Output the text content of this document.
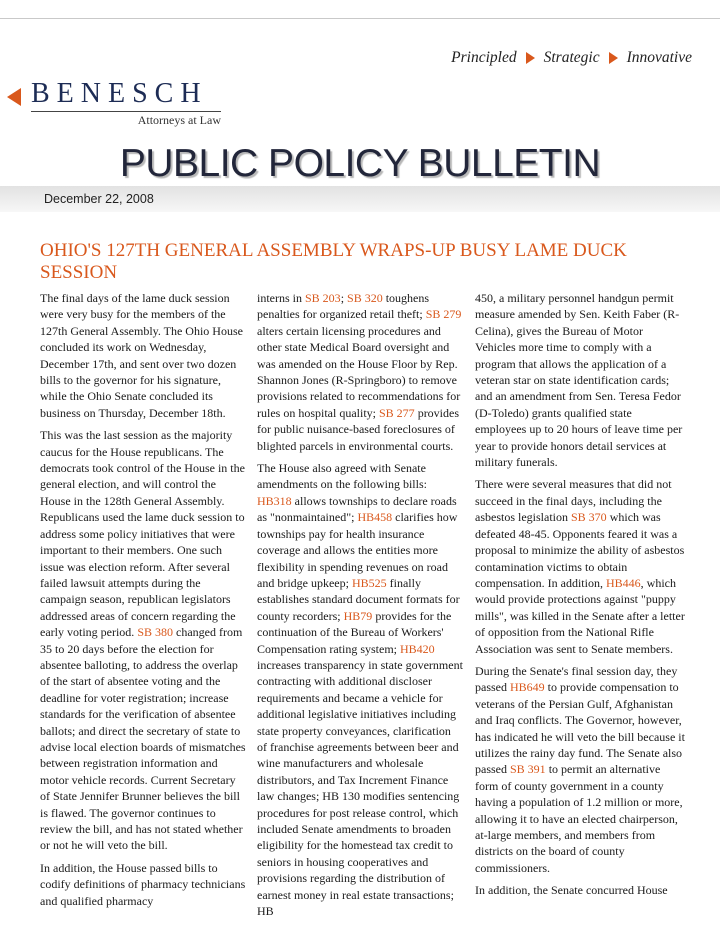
Principled Strategic Innovative
BENESCH
Attorneys at Law
PUBLIC POLICY BULLETIN
December 22, 2008
OHIO'S 127TH GENERAL ASSEMBLY WRAPS-UP BUSY LAME DUCK SESSION

The final days of the lame duck session were very busy for the members of the 127th General Assembly. The Ohio House concluded its work on Wednesday, December 17th, and sent over two dozen bills to the governor for his signature, while the Ohio Senate concluded its business on Thursday, December 18th.

This was the last session as the majority caucus for the House republicans. The democrats took control of the House in the general election, and will control the House in the 128th General Assembly. Republicans used the lame duck session to address some policy initiatives that were important to their members. One such issue was election reform. After several failed lawsuit attempts during the campaign season, republican legislators addressed areas of concern regarding the early voting period. SB 380 changed from 35 to 20 days before the election for absentee balloting, to address the overlap of the start of absentee voting and the deadline for voter registration; increase standards for the verification of absentee ballots; and direct the secretary of state to advise local election boards of mismatches between registration information and motor vehicle records. Current Secretary of State Jennifer Brunner believes the bill is flawed. The governor continues to review the bill, and has not stated whether or not he will veto the bill.

In addition, the House passed bills to codify definitions of pharmacy technicians and qualified pharmacy

interns in SB 203; SB 320 toughens penalties for organized retail theft; SB 279 alters certain licensing procedures and other state Medical Board oversight and was amended on the House Floor by Rep. Shannon Jones (R-Springboro) to remove provisions related to recommendations for rules on hospital quality; SB 277 provides for public nuisance-based foreclosures of blighted parcels in environmental courts.

The House also agreed with Senate amendments on the following bills: HB318 allows townships to declare roads as "nonmaintained"; HB458 clarifies how townships pay for health insurance coverage and allows the entities more flexibility in spending revenues on road and bridge upkeep; HB525 finally establishes standard document formats for county recorders; HB79 provides for the continuation of the Bureau of Workers' Compensation rating system; HB420 increases transparency in state government contracting with additional discloser requirements and became a vehicle for additional legislative initiatives including state property conveyances, clarification of franchise agreements between beer and wine manufacturers and wholesale distributors, and Tax Increment Finance law changes; HB 130 modifies sentencing procedures for post release control, which included Senate amendments to broaden eligibility for the homestead tax credit to seniors in housing cooperatives and provisions regarding the distribution of earnest money in real estate transactions; HB

450, a military personnel handgun permit measure amended by Sen. Keith Faber (R-Celina), gives the Bureau of Motor Vehicles more time to comply with a program that allows the application of a veteran star on state identification cards; and an amendment from Sen. Teresa Fedor (D-Toledo) grants qualified state employees up to 20 hours of leave time per year to provide honors detail services at military funerals.

There were several measures that did not succeed in the final days, including the asbestos legislation SB 370 which was defeated 48-45. Opponents feared it was a proposal to minimize the ability of asbestos contamination victims to obtain compensation. In addition, HB446, which would provide protections against "puppy mills", was killed in the Senate after a letter of opposition from the National Rifle Association was sent to Senate members.

During the Senate's final session day, they passed HB649 to provide compensation to veterans of the Persian Gulf, Afghanistan and Iraq conflicts. The Governor, however, has indicated he will veto the bill because it utilizes the rainy day fund. The Senate also passed SB 391 to permit an alternative form of county government in a county having a population of 1.2 million or more, allowing it to have an elected chairperson, at-large members, and members from districts on the board of county commissioners.

In addition, the Senate concurred House
